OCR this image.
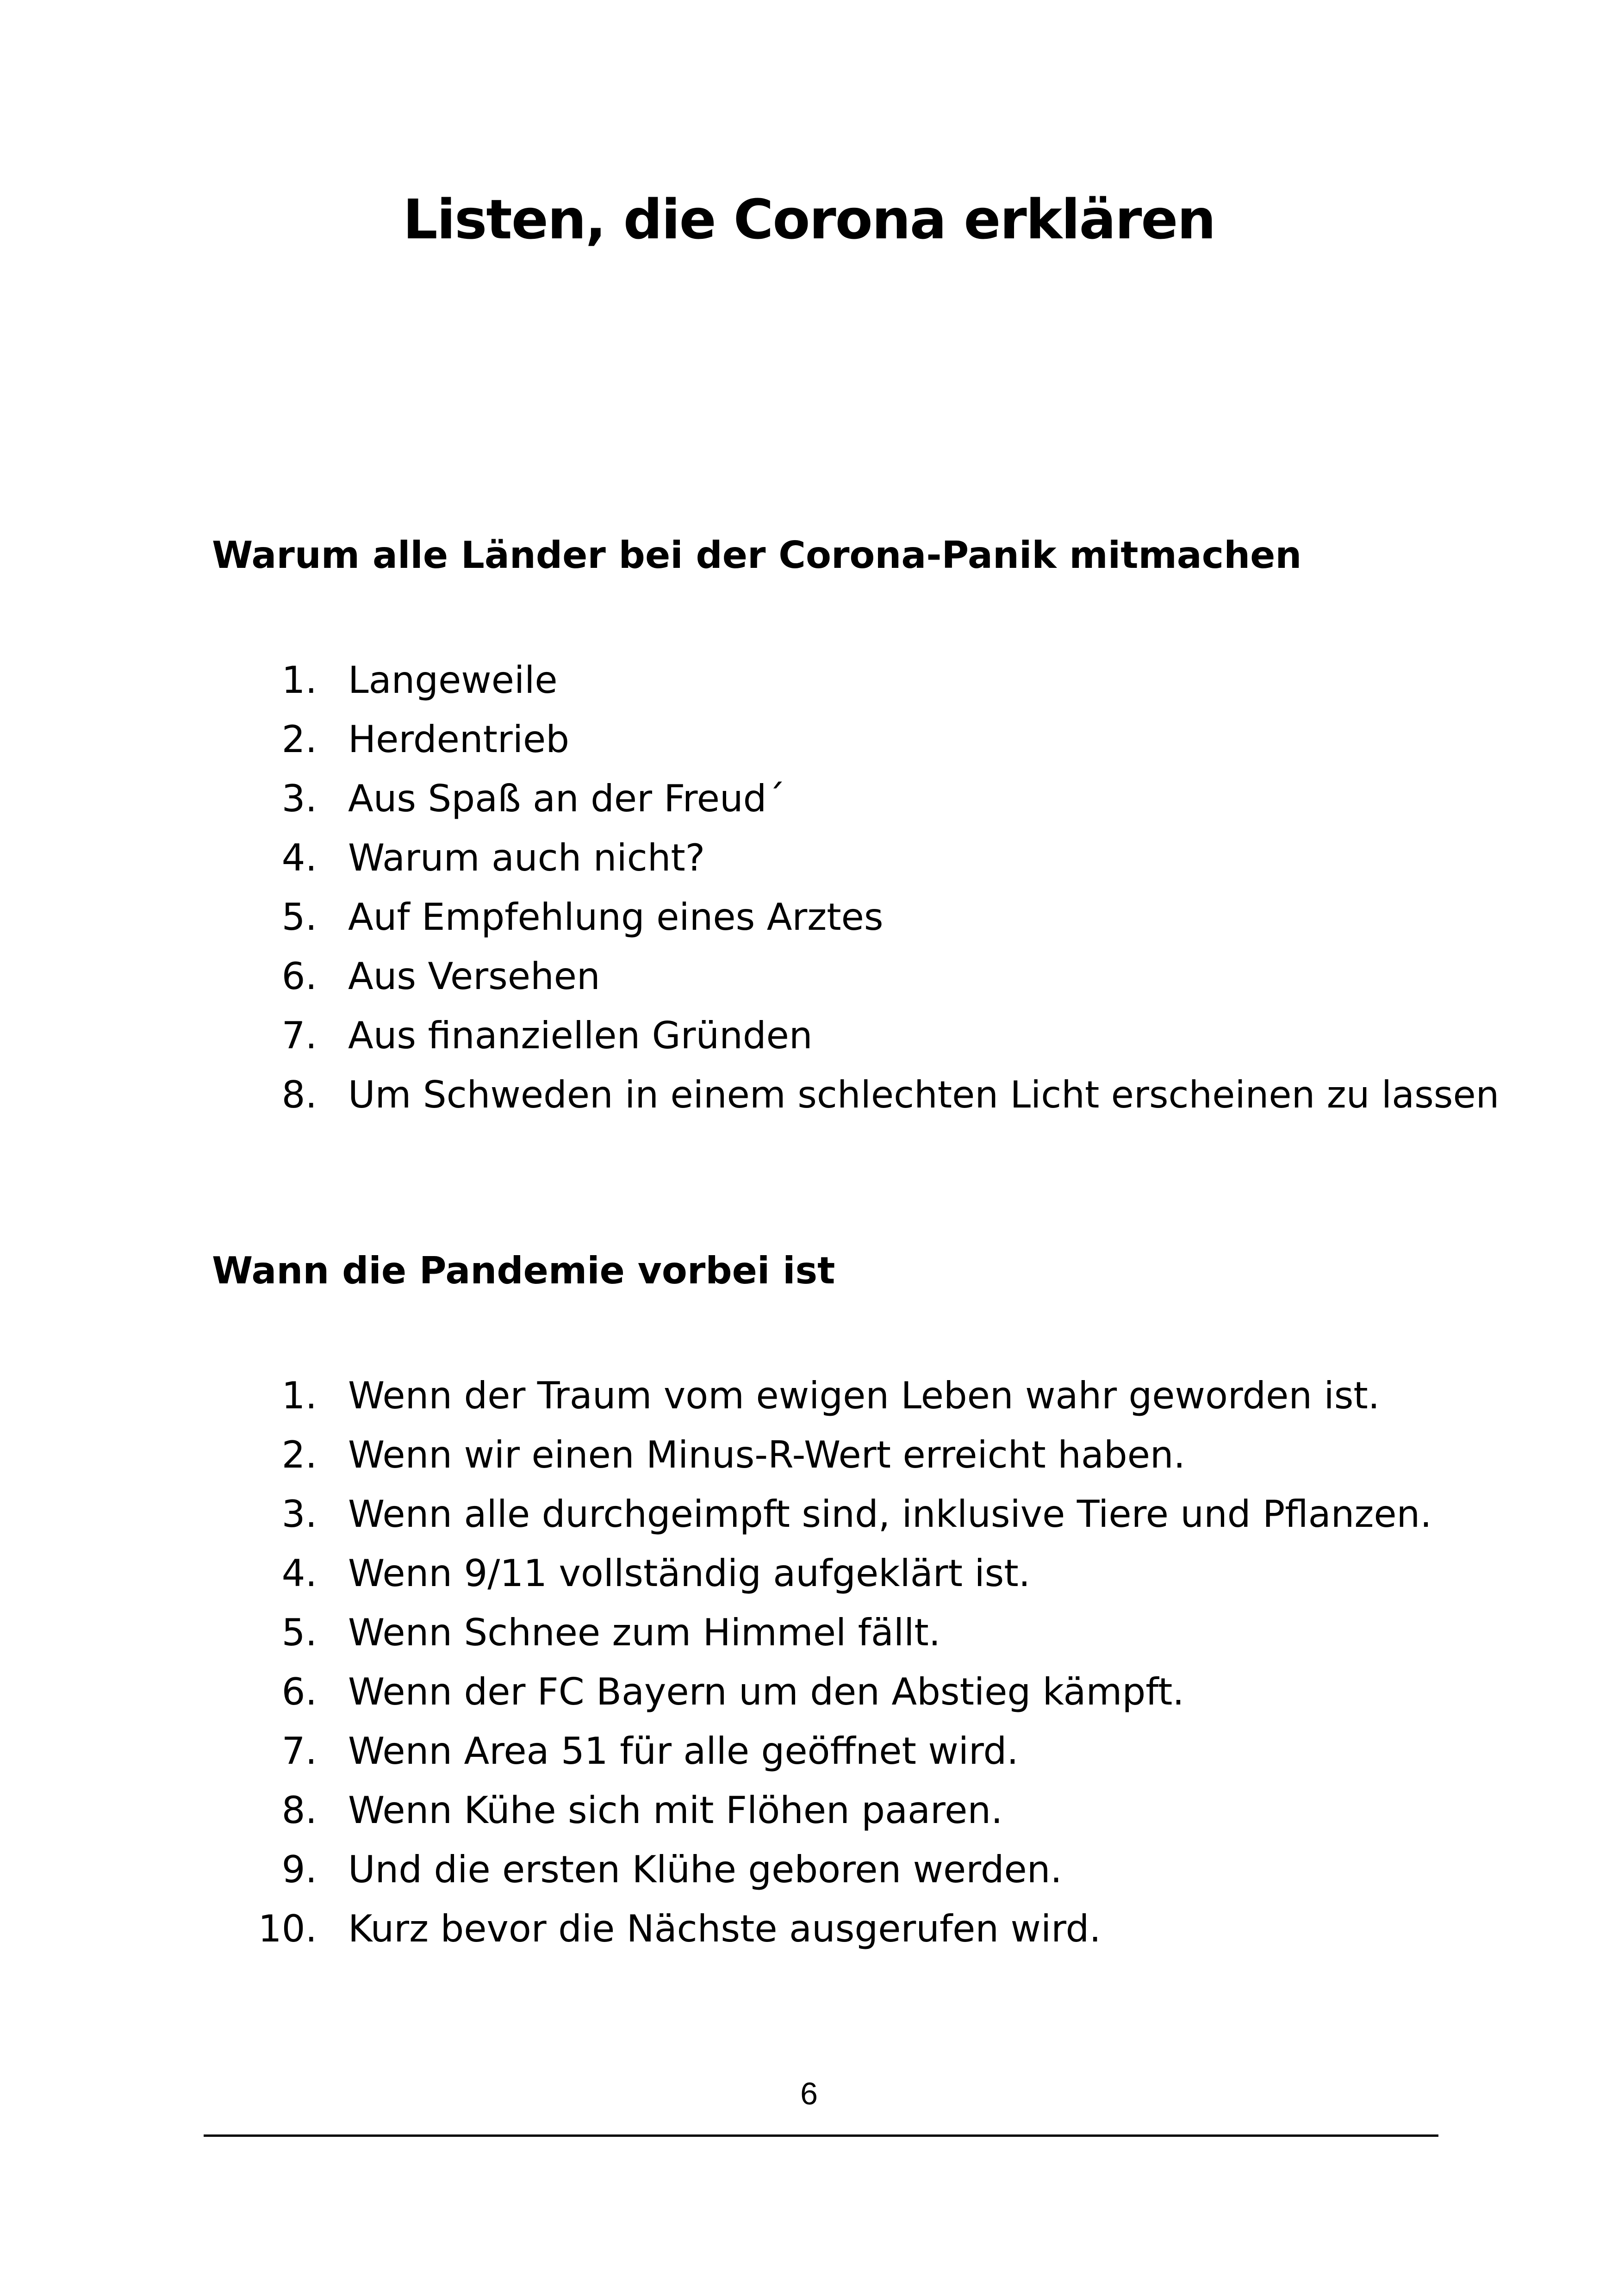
Listen, die Corona erklären
Warum alle Länder bei der Corona-Panik mitmachen
1. Langeweile
2. Herdentrieb
3. Aus Spaß an der Freud´
4. Warum auch nicht?
5. Auf Empfehlung eines Arztes
6. Aus Versehen
7. Aus finanziellen Gründen
8. Um Schweden in einem schlechten Licht erscheinen zu lassen
Wann die Pandemie vorbei ist
1. Wenn der Traum vom ewigen Leben wahr geworden ist.
2. Wenn wir einen Minus-R-Wert erreicht haben.
3. Wenn alle durchgeimpft sind, inklusive Tiere und Pflanzen.
4. Wenn 9/11 vollständig aufgeklärt ist.
5. Wenn Schnee zum Himmel fällt.
6. Wenn der FC Bayern um den Abstieg kämpft.
7. Wenn Area 51 für alle geöffnet wird.
8. Wenn Kühe sich mit Flöhen paaren.
9. Und die ersten Klühe geboren werden.
10. Kurz bevor die Nächste ausgerufen wird.
6
